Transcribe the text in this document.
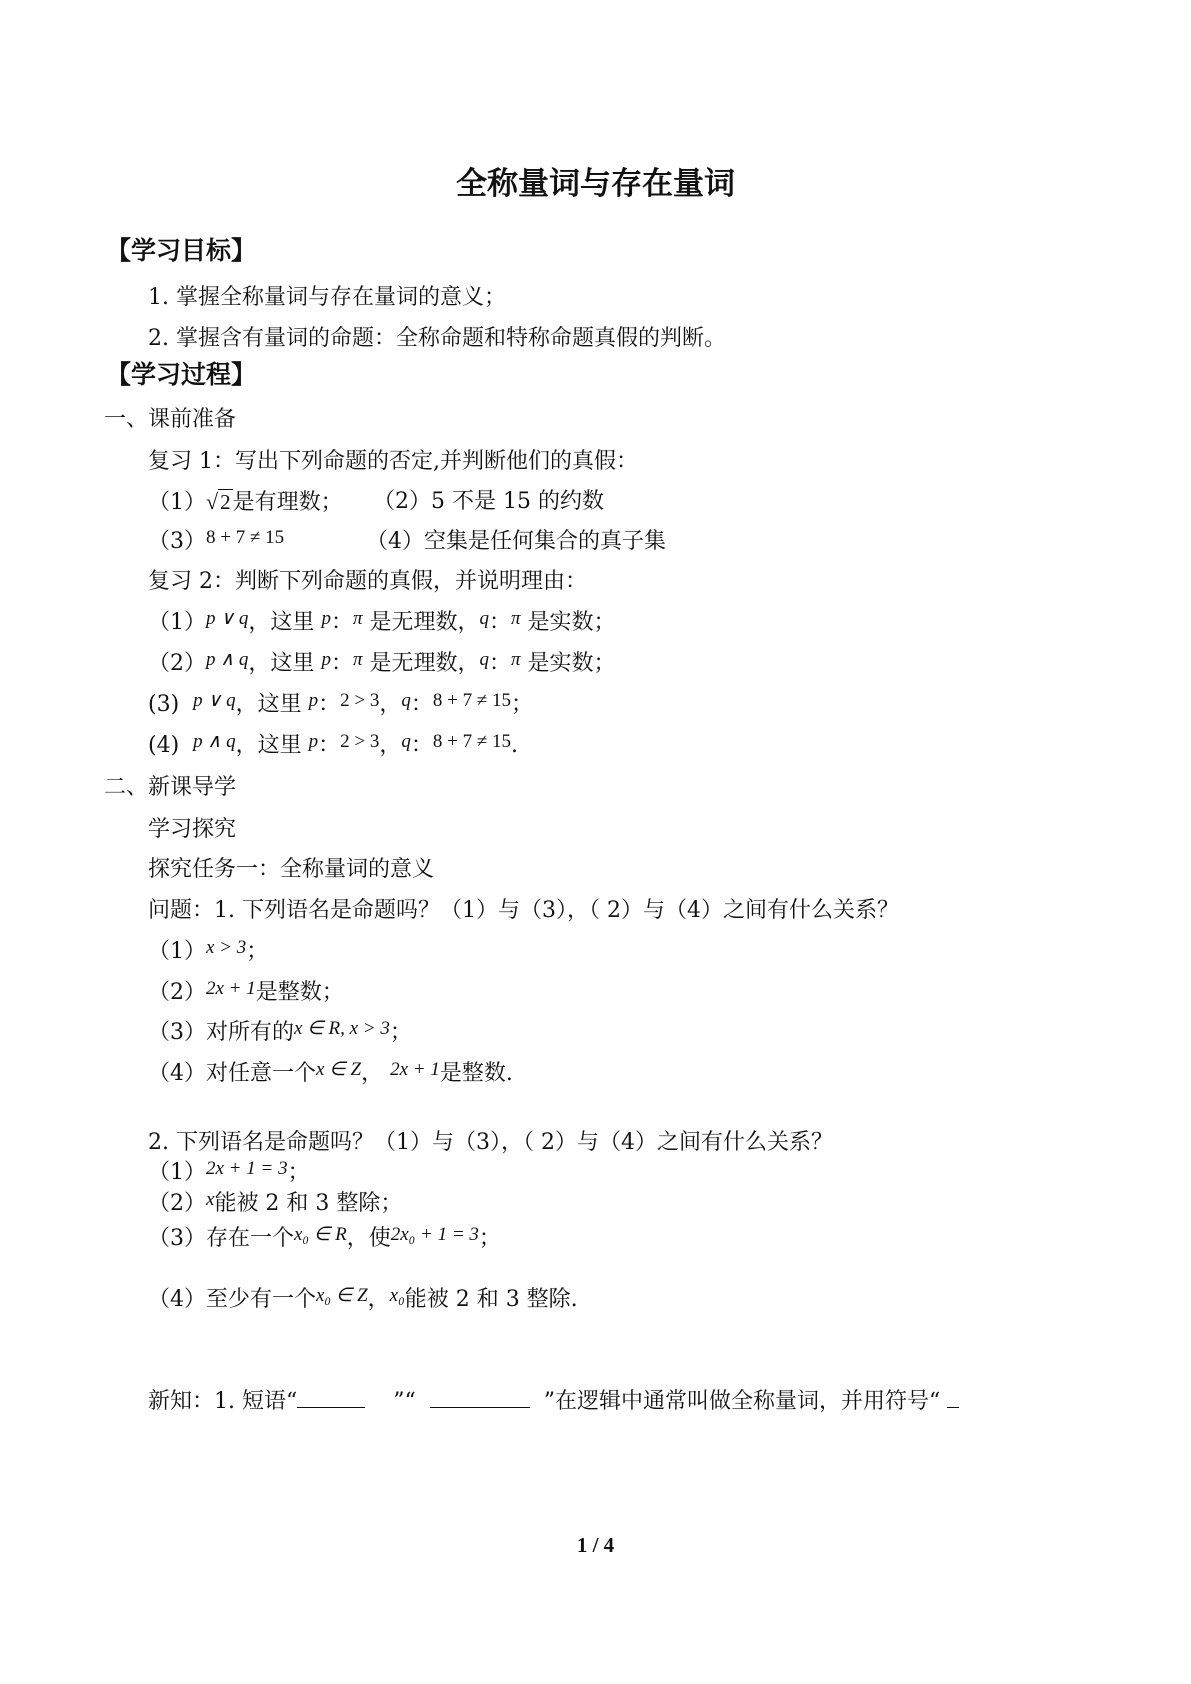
全称量词与存在量词
【学习目标】
1. 掌握全称量词与存在量词的意义；
2. 掌握含有量词的命题：全称命题和特称命题真假的判断。
【学习过程】
一、课前准备
复习 1：写出下列命题的否定,并判断他们的真假：
（1）√2是有理数； （2）5 不是 15 的约数
（3）8 + 7 ≠ 15	（4）空集是任何集合的真子集
复习 2：判断下列命题的真假，并说明理由：
（1）p ∨ q，这里 p：π 是无理数，q：π 是实数；
（2）p ∧ q，这里 p：π 是无理数，q：π 是实数；
(3) p ∨ q，这里 p：2 > 3，q：8 + 7 ≠ 15；
(4) p ∧ q，这里 p：2 > 3，q：8 + 7 ≠ 15.
二、新课导学
学习探究
探究任务一：全称量词的意义
问题：1. 下列语名是命题吗？（1）与（3），（ 2）与（4）之间有什么关系？
（1）x > 3；
（2）2x + 1是整数；
（3）对所有的x ∈ R, x > 3；
（4）对任意一个x ∈ Z， 2x + 1是整数.
2. 下列语名是命题吗？（1）与（3），（ 2）与（4）之间有什么关系？
（1）2x + 1 = 3；
（2）x能被 2 和 3 整除；
（3）存在一个x₀ ∈ R，使2x₀ + 1 = 3；
（4）至少有一个x₀ ∈ Z，x₀能被 2 和 3 整除.
新知：1. 短语“	”“	”在逻辑中通常叫做全称量词，并用符号“
1 / 4
